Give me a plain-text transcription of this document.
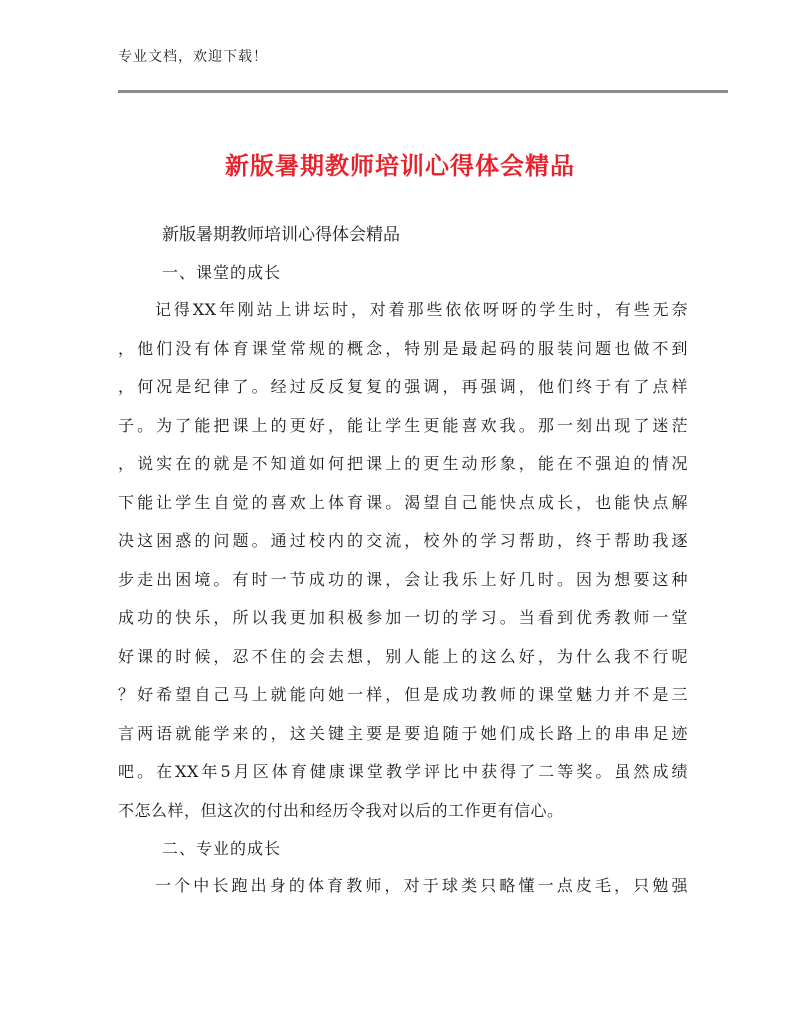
专业文档，欢迎下载！
新版暑期教师培训心得体会精品
新版暑期教师培训心得体会精品
一、课堂的成长
记得XX年刚站上讲坛时，对着那些依依呀呀的学生时，有些无奈
，他们没有体育课堂常规的概念，特别是最起码的服装问题也做不到
，何况是纪律了。经过反反复复的强调，再强调，他们终于有了点样
子。为了能把课上的更好，能让学生更能喜欢我。那一刻出现了迷茫
，说实在的就是不知道如何把课上的更生动形象，能在不强迫的情况
下能让学生自觉的喜欢上体育课。渴望自己能快点成长，也能快点解
决这困惑的问题。通过校内的交流，校外的学习帮助，终于帮助我逐
步走出困境。有时一节成功的课，会让我乐上好几时。因为想要这种
成功的快乐，所以我更加积极参加一切的学习。当看到优秀教师一堂
好课的时候，忍不住的会去想，别人能上的这么好，为什么我不行呢
？好希望自己马上就能向她一样，但是成功教师的课堂魅力并不是三
言两语就能学来的，这关键主要是要追随于她们成长路上的串串足迹
吧。在XX年5月区体育健康课堂教学评比中获得了二等奖。虽然成绩
不怎么样，但这次的付出和经历令我对以后的工作更有信心。
二、专业的成长
一个中长跑出身的体育教师，对于球类只略懂一点皮毛，只勉强
